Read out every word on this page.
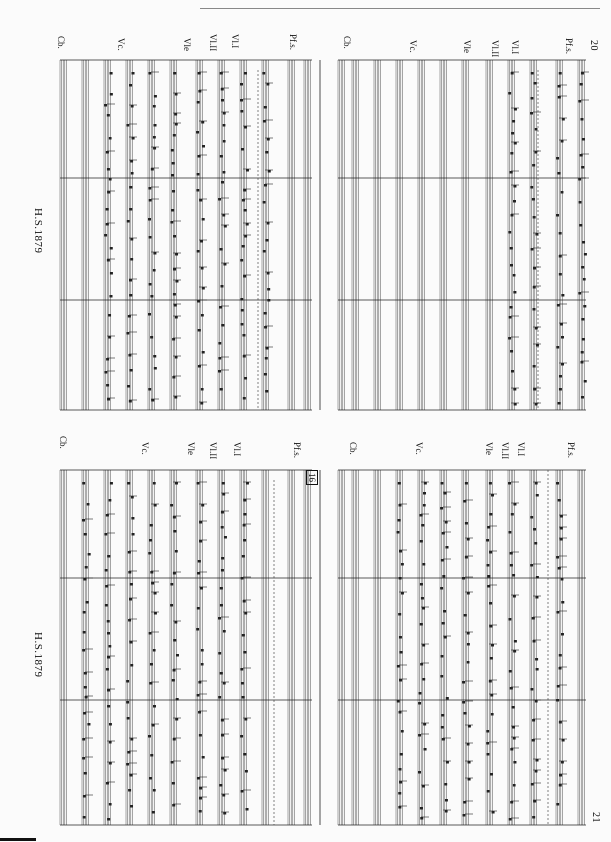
20
21
H.S.1879
H.S.1879
Pf.s.
Vl.I
Vl.II
Vle
Vc.
Cb.
Pf.s.
Vl.I
Vl.II
Vle
Vc.
Cb.
Pf.s.
Vl.I
Vl.II
Vle
Vc.
Cb.
Pf.s.
Vl.I
Vl.II
Vle
Vc.
Cb.
16
